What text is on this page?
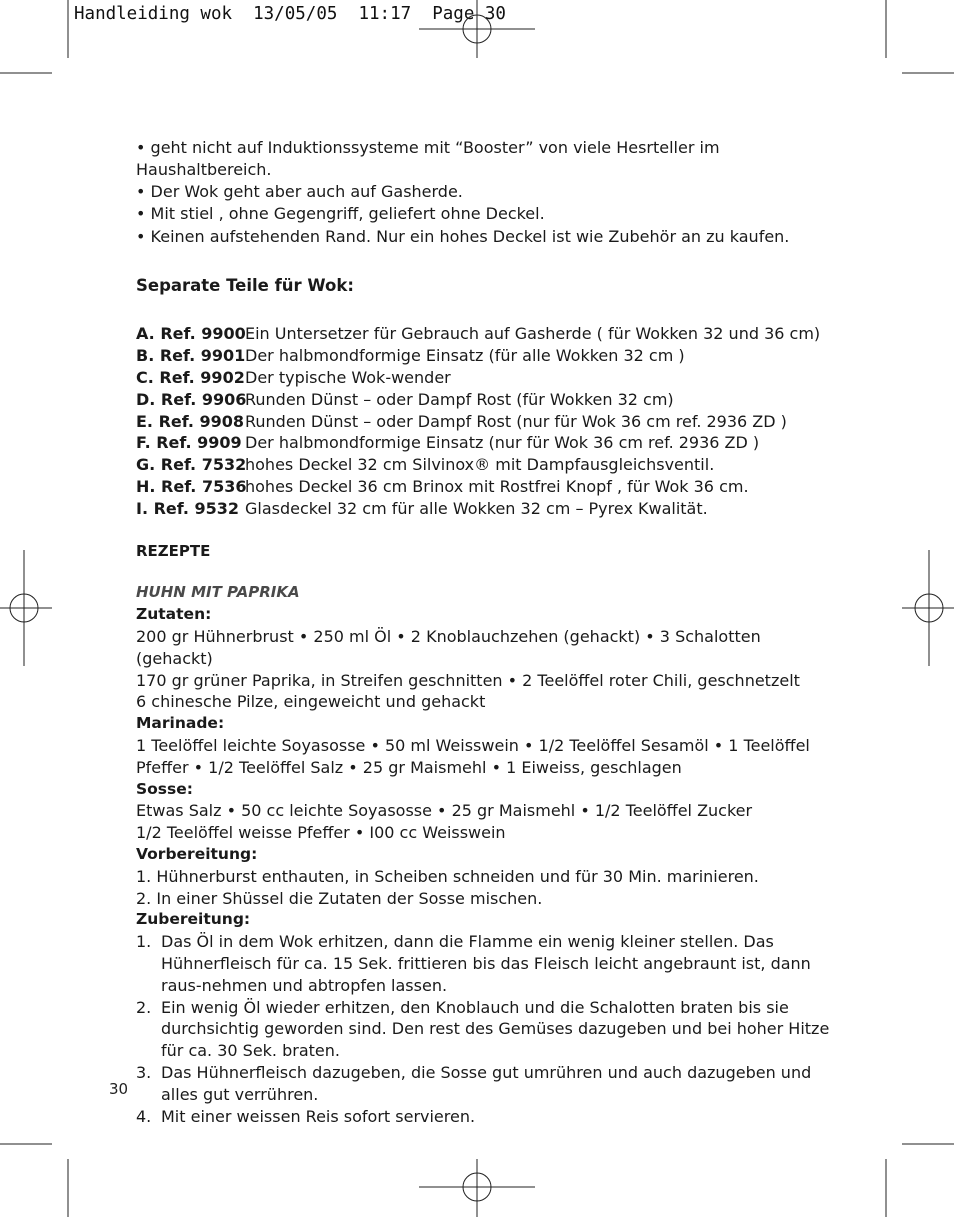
Handleiding wok  13/05/05  11:17  Page 30
• geht nicht auf Induktionssysteme mit “Booster” von viele Hesrteller im Haushaltbereich.
• Der Wok geht aber auch auf Gasherde.
• Mit stiel , ohne Gegengriff, geliefert ohne Deckel.
• Keinen aufstehenden Rand. Nur ein hohes Deckel ist wie Zubehör an zu kaufen.
Separate Teile für Wok:
A. Ref. 9900 Ein Untersetzer für Gebrauch auf Gasherde ( für Wokken 32 und 36 cm)
B. Ref. 9901 Der halbmondformige Einsatz (für alle Wokken 32 cm )
C. Ref. 9902 Der typische Wok-wender
D. Ref. 9906
Runden Dünst – oder Dampf Rost (für Wokken 32 cm)
E. Ref. 9908 Runden Dünst – oder Dampf Rost (nur für Wok 36 cm ref. 2936 ZD )
F. Ref. 9909 Der halbmondformige Einsatz (nur für Wok 36 cm ref. 2936 ZD )
G. Ref. 7532
hohes Deckel 32 cm Silvinox® mit Dampfausgleichsventil.
H. Ref. 7536
hohes Deckel 36 cm Brinox mit Rostfrei Knopf , für Wok 36 cm.
I. Ref. 9532 Glasdeckel 32 cm für alle Wokken 32 cm – Pyrex Kwalität.
REZEPTE
HUHN MIT PAPRIKA
Zutaten:
200 gr Hühnerbrust • 250 ml Öl • 2 Knoblauchzehen (gehackt) • 3 Schalotten (gehackt)
170 gr grüner Paprika, in Streifen geschnitten • 2 Teelöffel roter Chili, geschnetzelt
6 chinesche Pilze, eingeweicht und gehackt
Marinade:
1 Teelöffel leichte Soyasosse • 50 ml Weisswein • 1/2 Teelöffel Sesamöl • 1 Teelöffel
Pfeffer • 1/2 Teelöffel Salz • 25 gr Maismehl • 1 Eiweiss, geschlagen
Sosse:
Etwas Salz • 50 cc leichte Soyasosse • 25 gr Maismehl • 1/2 Teelöffel Zucker
1/2 Teelöffel weisse Pfeffer • I00 cc Weisswein
Vorbereitung:
1. Hühnerburst enthauten, in Scheiben schneiden und für 30 Min. marinieren.
2. In einer Shüssel die Zutaten der Sosse mischen.
Zubereitung:
1. Das Öl in dem Wok erhitzen, dann die Flamme ein wenig kleiner stellen. Das Hühnerfleisch für ca. 15 Sek. frittieren bis das Fleisch leicht angebraunt ist, dann raus-nehmen und abtropfen lassen.
2. Ein wenig Öl wieder erhitzen, den Knoblauch und die Schalotten braten bis sie durchsichtig geworden sind. Den rest des Gemüses dazugeben und bei hoher Hitze für ca. 30 Sek. braten.
3. Das Hühnerfleisch dazugeben, die Sosse gut umrühren und auch dazugeben und alles gut verrühren.
4. Mit einer weissen Reis sofort servieren.
30
